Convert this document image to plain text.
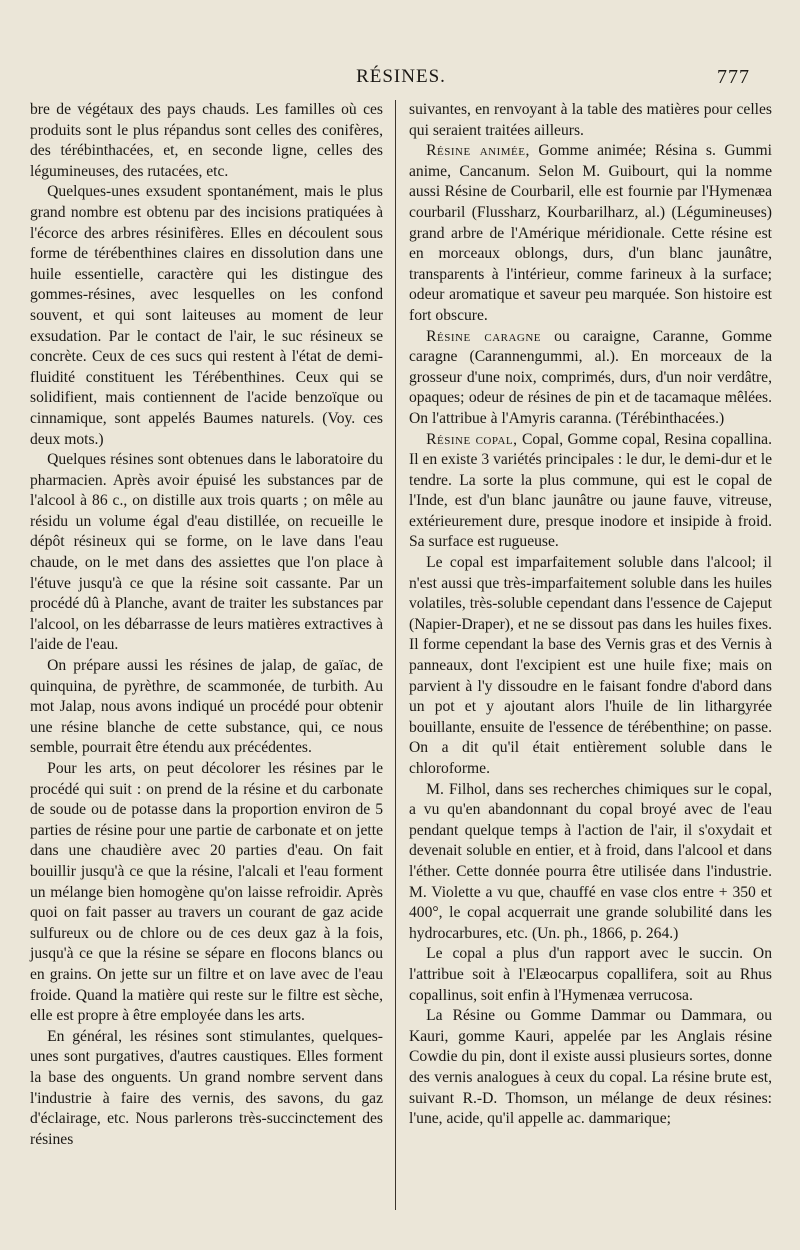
RÉSINES.	777

bre de végétaux des pays chauds. Les familles où ces produits sont le plus répandus sont celles des conifères, des térébinthacées, et, en seconde ligne, celles des légumineuses, des rutacées, etc.

Quelques-unes exsudent spontanément, mais le plus grand nombre est obtenu par des incisions pratiquées à l'écorce des arbres résinifères. Elles en découlent sous forme de térébenthines claires en dissolution dans une huile essentielle, caractère qui les distingue des gommes-résines, avec lesquelles on les confond souvent, et qui sont laiteuses au moment de leur exsudation. Par le contact de l'air, le suc résineux se concrète. Ceux de ces sucs qui restent à l'état de demi-fluidité constituent les Térébenthines. Ceux qui se solidifient, mais contiennent de l'acide benzoïque ou cinnamique, sont appelés Baumes naturels. (Voy. ces deux mots.)

Quelques résines sont obtenues dans le laboratoire du pharmacien. Après avoir épuisé les substances par de l'alcool à 86 c., on distille aux trois quarts ; on mêle au résidu un volume égal d'eau distillée, on recueille le dépôt résineux qui se forme, on le lave dans l'eau chaude, on le met dans des assiettes que l'on place à l'étuve jusqu'à ce que la résine soit cassante. Par un procédé dû à Planche, avant de traiter les substances par l'alcool, on les débarrasse de leurs matières extractives à l'aide de l'eau.

On prépare aussi les résines de jalap, de gaïac, de quinquina, de pyrèthre, de scammonée, de turbith. Au mot Jalap, nous avons indiqué un procédé pour obtenir une résine blanche de cette substance, qui, ce nous semble, pourrait être étendu aux précédentes.

Pour les arts, on peut décolorer les résines par le procédé qui suit : on prend de la résine et du carbonate de soude ou de potasse dans la proportion environ de 5 parties de résine pour une partie de carbonate et on jette dans une chaudière avec 20 parties d'eau. On fait bouillir jusqu'à ce que la résine, l'alcali et l'eau forment un mélange bien homogène qu'on laisse refroidir. Après quoi on fait passer au travers un courant de gaz acide sulfureux ou de chlore ou de ces deux gaz à la fois, jusqu'à ce que la résine se sépare en flocons blancs ou en grains. On jette sur un filtre et on lave avec de l'eau froide. Quand la matière qui reste sur le filtre est sèche, elle est propre à être employée dans les arts.

En général, les résines sont stimulantes, quelques-unes sont purgatives, d'autres caustiques. Elles forment la base des onguents. Un grand nombre servent dans l'industrie à faire des vernis, des savons, du gaz d'éclairage, etc. Nous parlerons très-succinctement des résines

suivantes, en renvoyant à la table des matières pour celles qui seraient traitées ailleurs.

Résine animée, Gomme animée; Résina s. Gummi anime, Cancanum. Selon M. Guibourt, qui la nomme aussi Résine de Courbaril, elle est fournie par l'Hymenæa courbaril (Flussharz, Kourbarilharz, al.) (Légumineuses) grand arbre de l'Amérique méridionale. Cette résine est en morceaux oblongs, durs, d'un blanc jaunâtre, transparents à l'intérieur, comme farineux à la surface; odeur aromatique et saveur peu marquée. Son histoire est fort obscure.

Résine caragne ou caraigne, Caranne, Gomme caragne (Carannengummi, al.). En morceaux de la grosseur d'une noix, comprimés, durs, d'un noir verdâtre, opaques; odeur de résines de pin et de tacamaque mêlées. On l'attribue à l'Amyris caranna. (Térébinthacées.)

Résine copal, Copal, Gomme copal, Resina copallina. Il en existe 3 variétés principales : le dur, le demi-dur et le tendre. La sorte la plus commune, qui est le copal de l'Inde, est d'un blanc jaunâtre ou jaune fauve, vitreuse, extérieurement dure, presque inodore et insipide à froid. Sa surface est rugueuse.

Le copal est imparfaitement soluble dans l'alcool; il n'est aussi que très-imparfaitement soluble dans les huiles volatiles, très-soluble cependant dans l'essence de Cajeput (Napier-Draper), et ne se dissout pas dans les huiles fixes. Il forme cependant la base des Vernis gras et des Vernis à panneaux, dont l'excipient est une huile fixe; mais on parvient à l'y dissoudre en le faisant fondre d'abord dans un pot et y ajoutant alors l'huile de lin lithargyrée bouillante, ensuite de l'essence de térébenthine; on passe. On a dit qu'il était entièrement soluble dans le chloroforme.

M. Filhol, dans ses recherches chimiques sur le copal, a vu qu'en abandonnant du copal broyé avec de l'eau pendant quelque temps à l'action de l'air, il s'oxydait et devenait soluble en entier, et à froid, dans l'alcool et dans l'éther. Cette donnée pourra être utilisée dans l'industrie. M. Violette a vu que, chauffé en vase clos entre + 350 et 400°, le copal acquerrait une grande solubilité dans les hydrocarbures, etc. (Un. ph., 1866, p. 264.)

Le copal a plus d'un rapport avec le succin. On l'attribue soit à l'Elæocarpus copallifera, soit au Rhus copallinus, soit enfin à l'Hymenæa verrucosa.

La Résine ou Gomme Dammar ou Dammara, ou Kauri, gomme Kauri, appelée par les Anglais résine Cowdie du pin, dont il existe aussi plusieurs sortes, donne des vernis analogues à ceux du copal. La résine brute est, suivant R.-D. Thomson, un mélange de deux résines: l'une, acide, qu'il appelle ac. dammarique;
